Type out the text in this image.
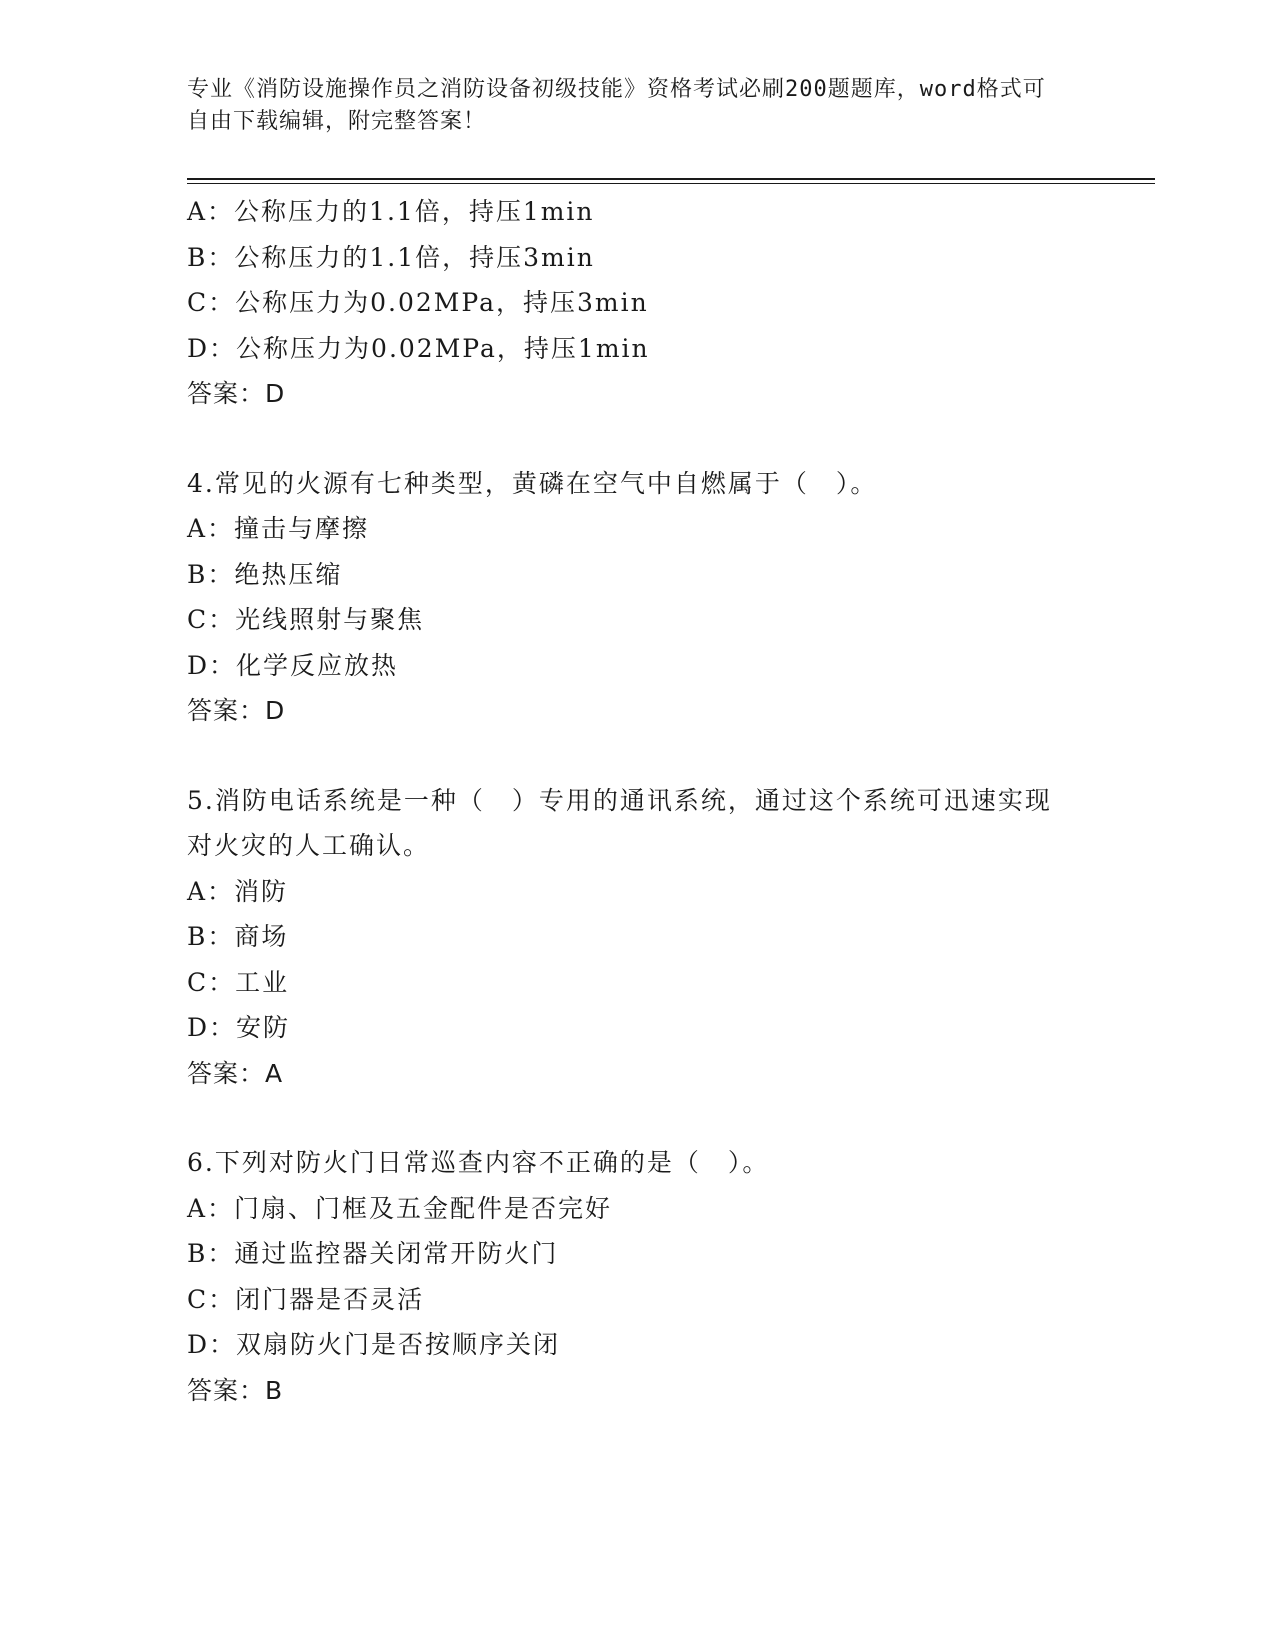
专业《消防设施操作员之消防设备初级技能》资格考试必刷200题题库，word格式可自由下载编辑，附完整答案！
A：公称压力的1.1倍，持压1min
B：公称压力的1.1倍，持压3min
C：公称压力为0.02MPa，持压3min
D：公称压力为0.02MPa，持压1min
答案：D
4.常见的火源有七种类型，黄磷在空气中自燃属于（　）。
A：撞击与摩擦
B：绝热压缩
C：光线照射与聚焦
D：化学反应放热
答案：D
5.消防电话系统是一种（　）专用的通讯系统，通过这个系统可迅速实现对火灾的人工确认。
A：消防
B：商场
C：工业
D：安防
答案：A
6.下列对防火门日常巡查内容不正确的是（　）。
A：门扇、门框及五金配件是否完好
B：通过监控器关闭常开防火门
C：闭门器是否灵活
D：双扇防火门是否按顺序关闭
答案：B
